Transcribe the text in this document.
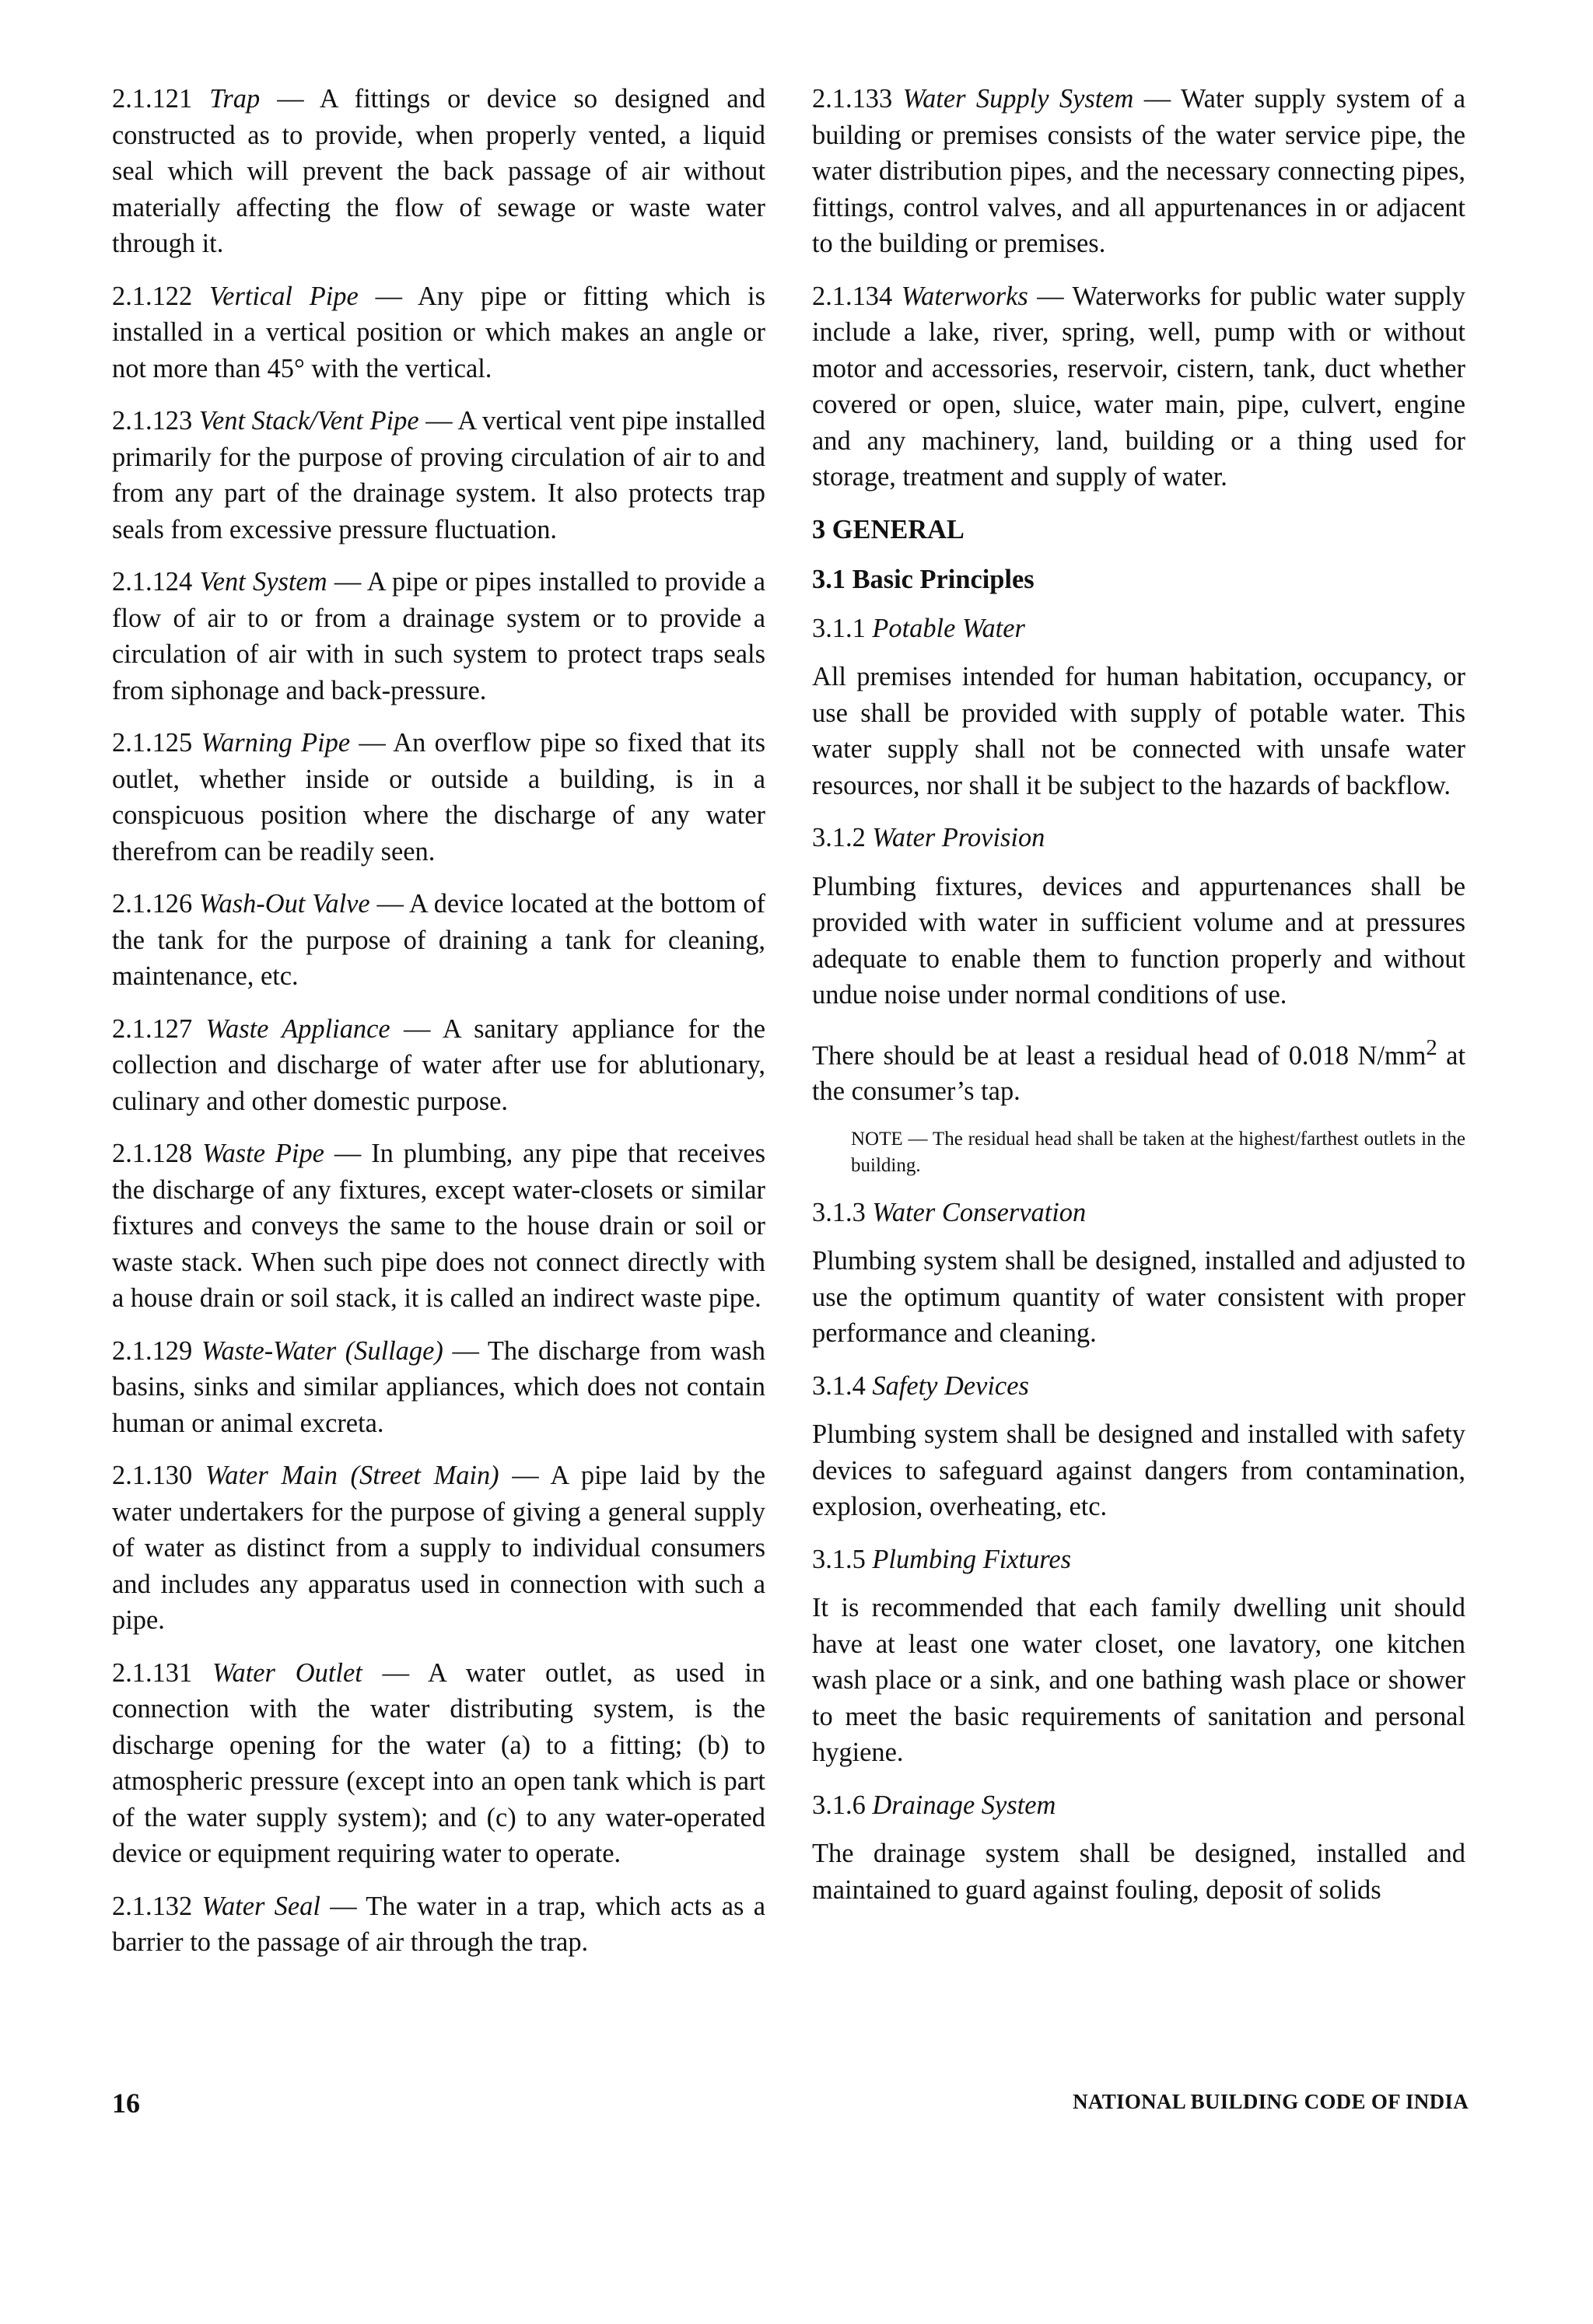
2.1.121 Trap — A fittings or device so designed and constructed as to provide, when properly vented, a liquid seal which will prevent the back passage of air without materially affecting the flow of sewage or waste water through it.

2.1.122 Vertical Pipe — Any pipe or fitting which is installed in a vertical position or which makes an angle or not more than 45° with the vertical.

2.1.123 Vent Stack/Vent Pipe — A vertical vent pipe installed primarily for the purpose of proving circulation of air to and from any part of the drainage system. It also protects trap seals from excessive pressure fluctuation.

2.1.124 Vent System — A pipe or pipes installed to provide a flow of air to or from a drainage system or to provide a circulation of air with in such system to protect traps seals from siphonage and back-pressure.

2.1.125 Warning Pipe — An overflow pipe so fixed that its outlet, whether inside or outside a building, is in a conspicuous position where the discharge of any water therefrom can be readily seen.

2.1.126 Wash-Out Valve — A device located at the bottom of the tank for the purpose of draining a tank for cleaning, maintenance, etc.

2.1.127 Waste Appliance — A sanitary appliance for the collection and discharge of water after use for ablutionary, culinary and other domestic purpose.

2.1.128 Waste Pipe — In plumbing, any pipe that receives the discharge of any fixtures, except water-closets or similar fixtures and conveys the same to the house drain or soil or waste stack. When such pipe does not connect directly with a house drain or soil stack, it is called an indirect waste pipe.

2.1.129 Waste-Water (Sullage) — The discharge from wash basins, sinks and similar appliances, which does not contain human or animal excreta.

2.1.130 Water Main (Street Main) — A pipe laid by the water undertakers for the purpose of giving a general supply of water as distinct from a supply to individual consumers and includes any apparatus used in connection with such a pipe.

2.1.131 Water Outlet — A water outlet, as used in connection with the water distributing system, is the discharge opening for the water (a) to a fitting; (b) to atmospheric pressure (except into an open tank which is part of the water supply system); and (c) to any water-operated device or equipment requiring water to operate.

2.1.132 Water Seal — The water in a trap, which acts as a barrier to the passage of air through the trap.

2.1.133 Water Supply System — Water supply system of a building or premises consists of the water service pipe, the water distribution pipes, and the necessary connecting pipes, fittings, control valves, and all appurtenances in or adjacent to the building or premises.

2.1.134 Waterworks — Waterworks for public water supply include a lake, river, spring, well, pump with or without motor and accessories, reservoir, cistern, tank, duct whether covered or open, sluice, water main, pipe, culvert, engine and any machinery, land, building or a thing used for storage, treatment and supply of water.

3 GENERAL

3.1 Basic Principles

3.1.1 Potable Water

All premises intended for human habitation, occupancy, or use shall be provided with supply of potable water. This water supply shall not be connected with unsafe water resources, nor shall it be subject to the hazards of backflow.

3.1.2 Water Provision

Plumbing fixtures, devices and appurtenances shall be provided with water in sufficient volume and at pressures adequate to enable them to function properly and without undue noise under normal conditions of use.

There should be at least a residual head of 0.018 $N/mm^2$ at the consumer’s tap.

NOTE — The residual head shall be taken at the highest/farthest outlets in the building.

3.1.3 Water Conservation

Plumbing system shall be designed, installed and adjusted to use the optimum quantity of water consistent with proper performance and cleaning.

3.1.4 Safety Devices

Plumbing system shall be designed and installed with safety devices to safeguard against dangers from contamination, explosion, overheating, etc.

3.1.5 Plumbing Fixtures

It is recommended that each family dwelling unit should have at least one water closet, one lavatory, one kitchen wash place or a sink, and one bathing wash place or shower to meet the basic requirements of sanitation and personal hygiene.

3.1.6 Drainage System

The drainage system shall be designed, installed and maintained to guard against fouling, deposit of solids

16	NATIONAL BUILDING CODE OF INDIA
